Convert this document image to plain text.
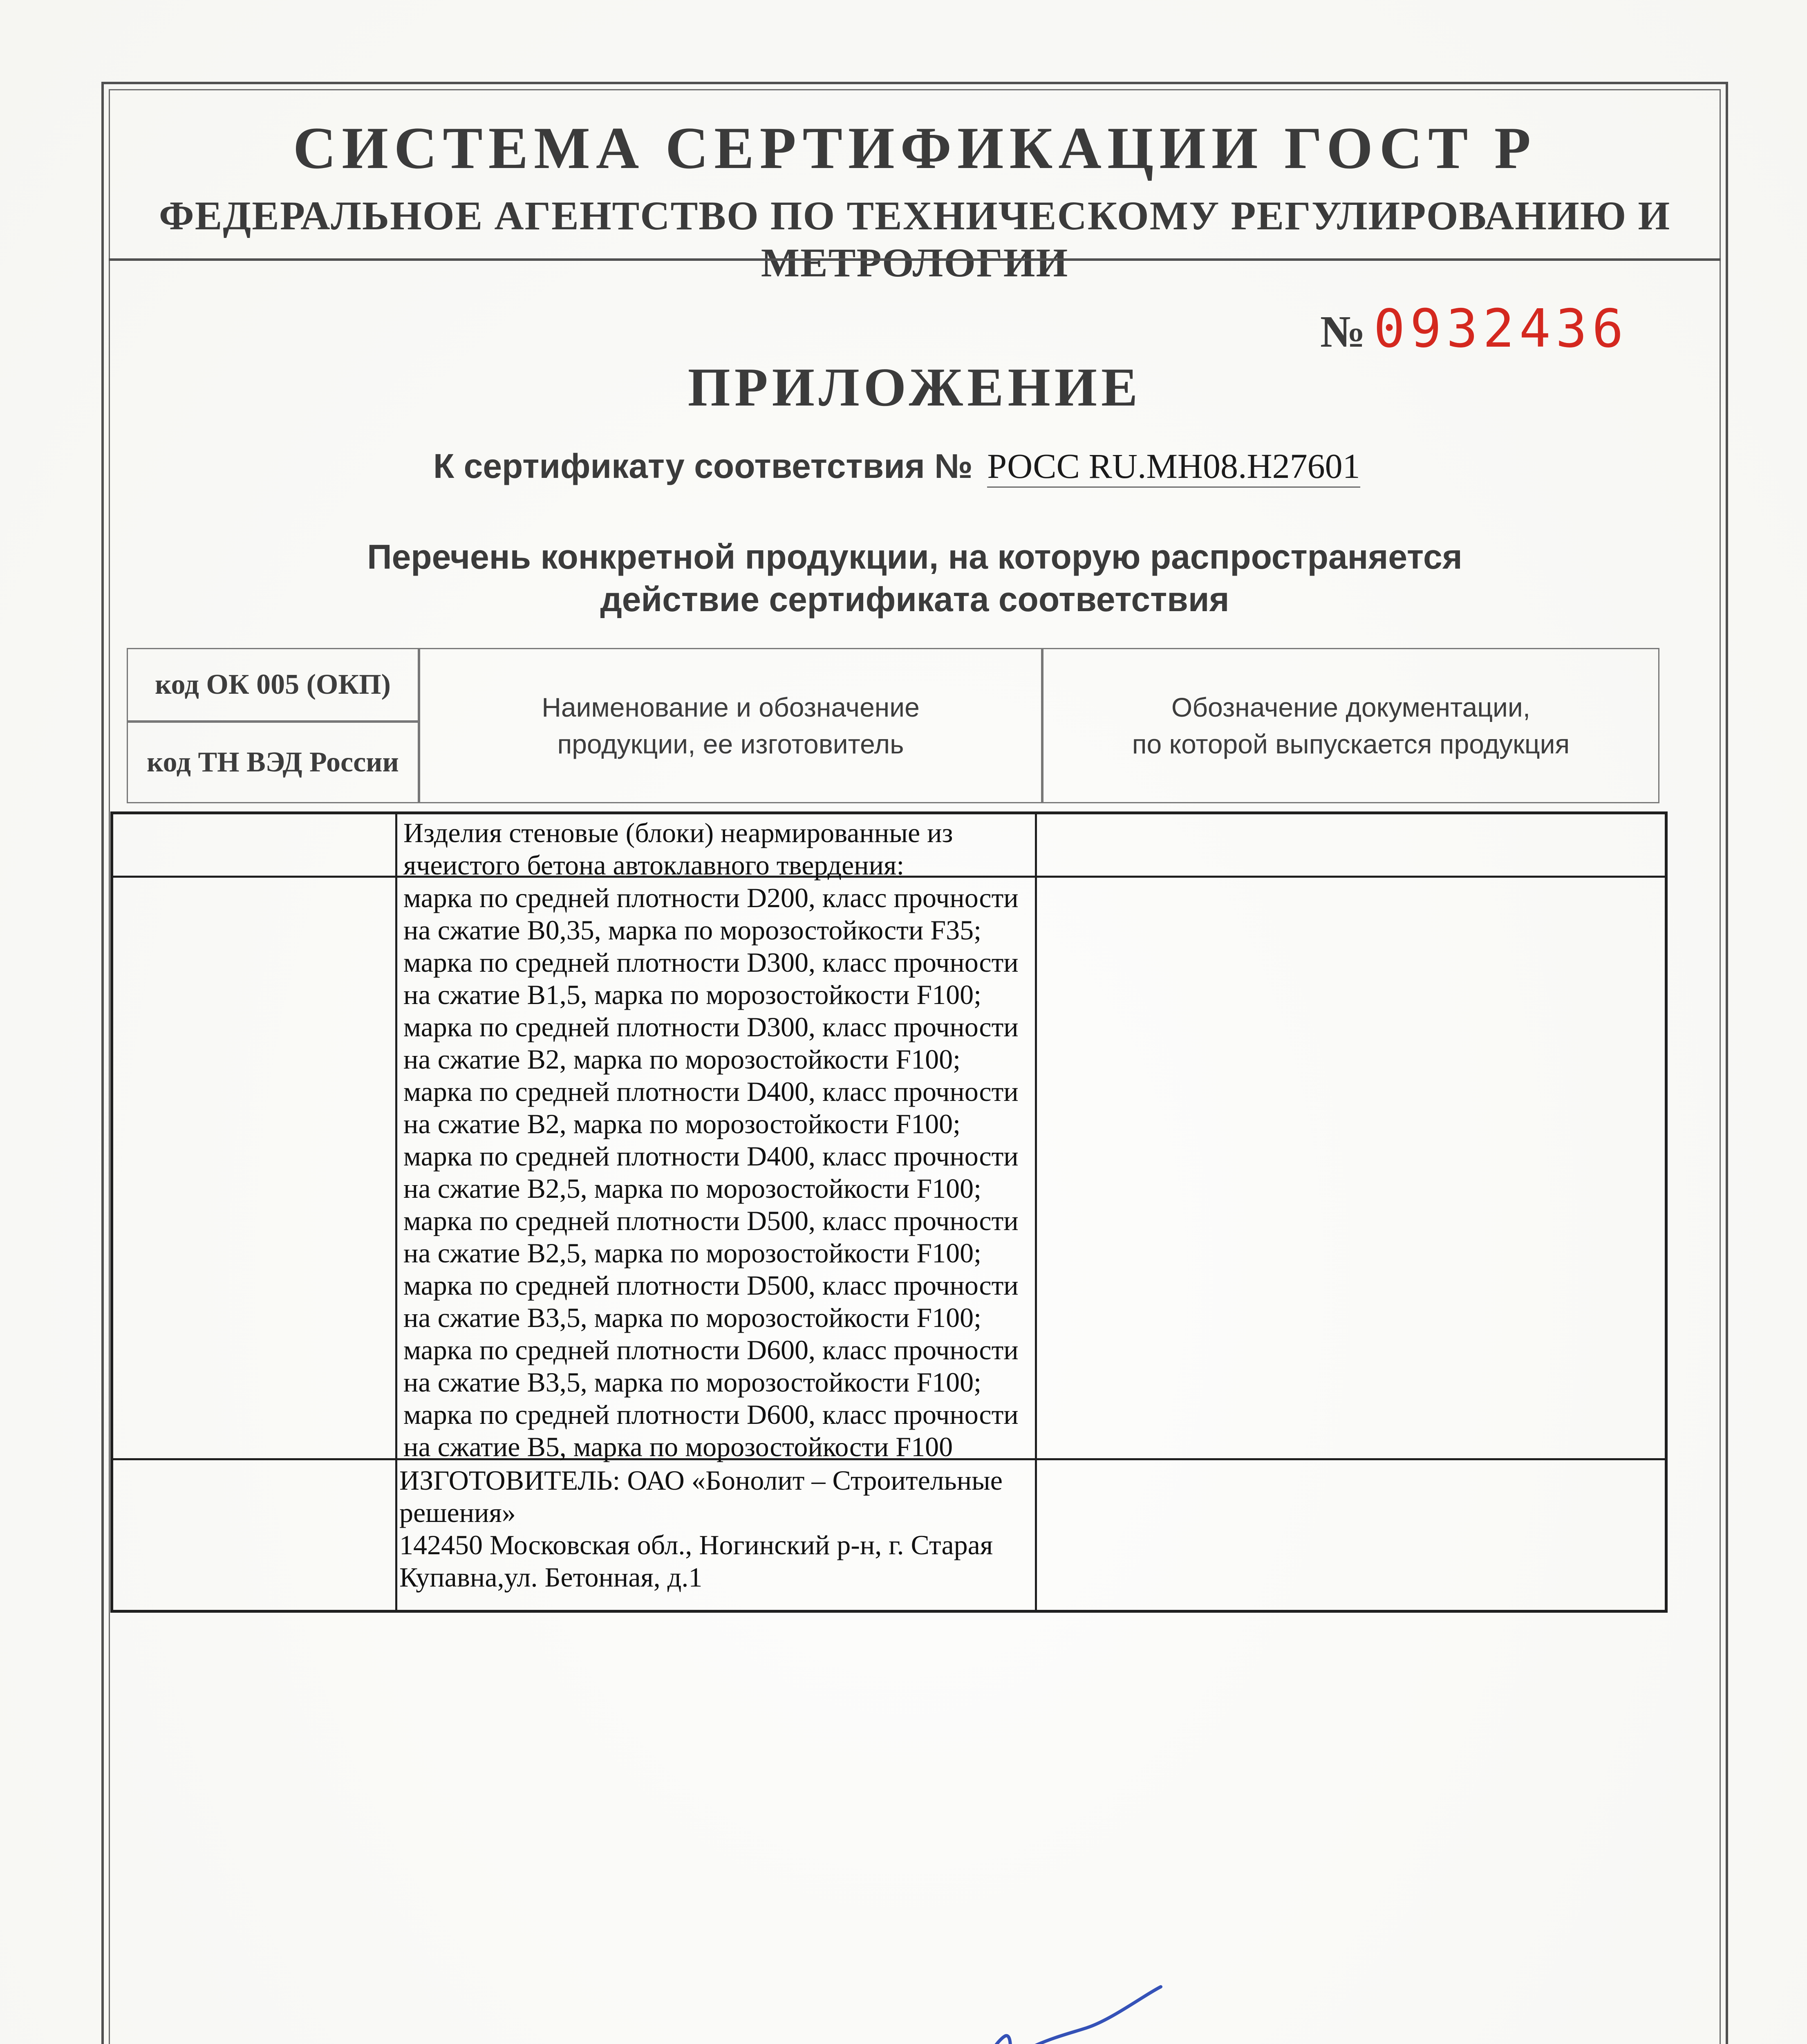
СИСТЕМА СЕРТИФИКАЦИИ ГОСТ Р
ФЕДЕРАЛЬНОЕ АГЕНТСТВО ПО ТЕХНИЧЕСКОМУ РЕГУЛИРОВАНИЮ И МЕТРОЛОГИИ
№ 0932436
ПРИЛОЖЕНИЕ
К сертификату соответствия № РОСС RU.МН08.Н27601
Перечень конкретной продукции, на которую распространяется
действие сертификата соответствия
код ОК 005 (ОКП)
код ТН ВЭД России
Наименование и обозначение
продукции, ее изготовитель
Обозначение документации,
по которой выпускается продукция
Изделия стеновые (блоки) неармированные из
ячеистого бетона автоклавного твердения:
марка по средней плотности D200, класс прочности
на сжатие В0,35, марка по морозостойкости F35;
марка по средней плотности D300, класс прочности
на сжатие В1,5, марка по морозостойкости F100;
марка по средней плотности D300, класс прочности
на сжатие В2, марка по морозостойкости F100;
марка по средней плотности D400, класс прочности
на сжатие В2, марка по морозостойкости F100;
марка по средней плотности D400, класс прочности
на сжатие В2,5, марка по морозостойкости F100;
марка по средней плотности D500, класс прочности
на сжатие В2,5, марка по морозостойкости F100;
марка по средней плотности D500, класс прочности
на сжатие В3,5, марка по морозостойкости F100;
марка по средней плотности D600, класс прочности
на сжатие В3,5, марка по морозостойкости F100;
марка по средней плотности D600, класс прочности
на сжатие В5, марка по морозостойкости F100
ИЗГОТОВИТЕЛЬ: ОАО «Бонолит – Строительные
решения»
142450 Московская обл., Ногинский р-н, г. Старая
Купавна,ул. Бетонная, д.1
